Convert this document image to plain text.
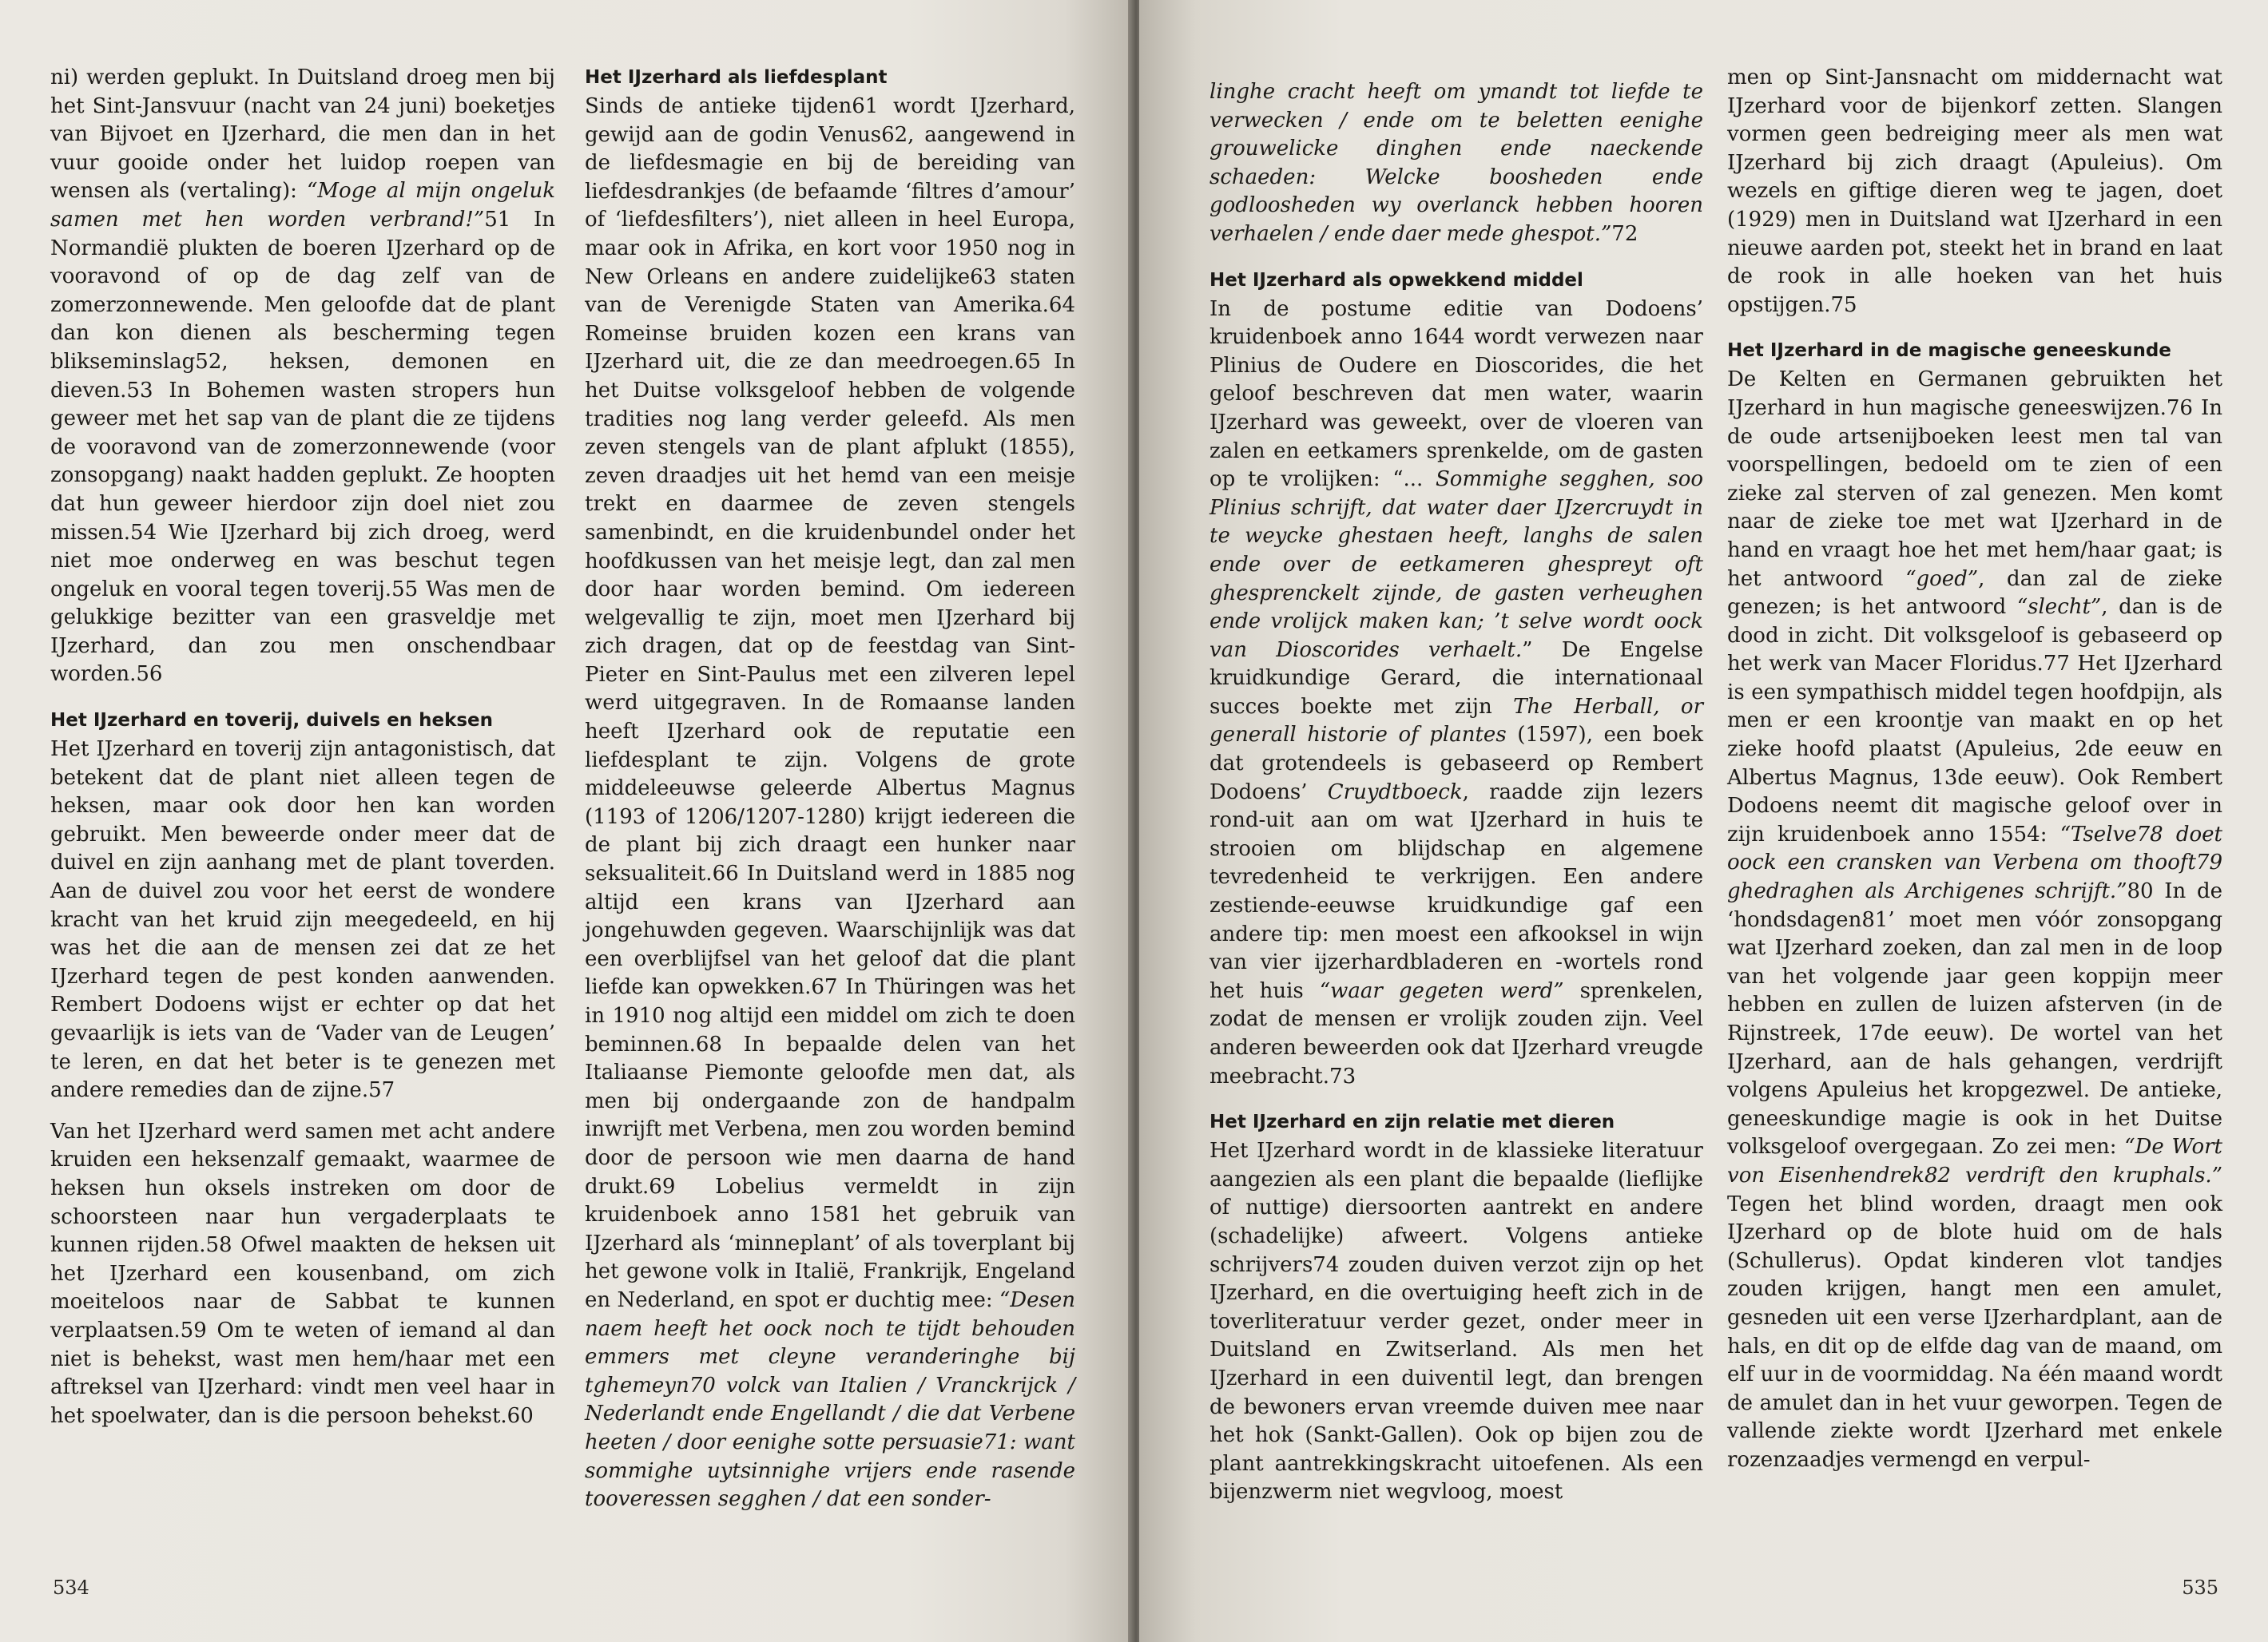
ni) werden geplukt. In Duitsland droeg men bij het Sint-Jansvuur (nacht van 24 juni) boeketjes van Bijvoet en IJzerhard, die men dan in het vuur gooide onder het luidop roepen van wensen als (vertaling): “Moge al mijn ongeluk samen met hen worden verbrand!”51 In Normandië plukten de boeren IJzerhard op de vooravond of op de dag zelf van de zomerzonnewende. Men geloofde dat de plant dan kon dienen als bescherming tegen blikseminslag52, heksen, demonen en dieven.53 In Bohemen wasten stropers hun geweer met het sap van de plant die ze tijdens de vooravond van de zomerzonnewende (voor zonsopgang) naakt hadden geplukt. Ze hoopten dat hun geweer hierdoor zijn doel niet zou missen.54 Wie IJzerhard bij zich droeg, werd niet moe onderweg en was beschut tegen ongeluk en vooral tegen toverij.55 Was men de gelukkige bezitter van een grasveldje met IJzerhard, dan zou men onschendbaar worden.56

Het IJzerhard en toverij, duivels en heksen

Het IJzerhard en toverij zijn antagonistisch, dat betekent dat de plant niet alleen tegen de heksen, maar ook door hen kan worden gebruikt. Men beweerde onder meer dat de duivel en zijn aanhang met de plant toverden. Aan de duivel zou voor het eerst de wondere kracht van het kruid zijn meegedeeld, en hij was het die aan de mensen zei dat ze het IJzerhard tegen de pest konden aanwenden. Rembert Dodoens wijst er echter op dat het gevaarlijk is iets van de ‘Vader van de Leugen’ te leren, en dat het beter is te genezen met andere remedies dan de zijne.57

Van het IJzerhard werd samen met acht andere kruiden een heksenzalf gemaakt, waarmee de heksen hun oksels instreken om door de schoorsteen naar hun vergaderplaats te kunnen rijden.58 Ofwel maakten de heksen uit het IJzerhard een kousenband, om zich moeiteloos naar de Sabbat te kunnen verplaatsen.59 Om te weten of iemand al dan niet is behekst, wast men hem/haar met een aftreksel van IJzerhard: vindt men veel haar in het spoelwater, dan is die persoon behekst.60

Het IJzerhard als liefdesplant

Sinds de antieke tijden61 wordt IJzerhard, gewijd aan de godin Venus62, aangewend in de liefdesmagie en bij de bereiding van liefdesdrankjes (de befaamde ‘filtres d’amour’ of ‘liefdesfilters’), niet alleen in heel Europa, maar ook in Afrika, en kort voor 1950 nog in New Orleans en andere zuidelijke63 staten van de Verenigde Staten van Amerika.64 Romeinse bruiden kozen een krans van IJzerhard uit, die ze dan meedroegen.65 In het Duitse volksgeloof hebben de volgende tradities nog lang verder geleefd. Als men zeven stengels van de plant afplukt (1855), zeven draadjes uit het hemd van een meisje trekt en daarmee de zeven stengels samenbindt, en die kruidenbundel onder het hoofdkussen van het meisje legt, dan zal men door haar worden bemind. Om iedereen welgevallig te zijn, moet men IJzerhard bij zich dragen, dat op de feestdag van Sint-Pieter en Sint-Paulus met een zilveren lepel werd uitgegraven. In de Romaanse landen heeft IJzerhard ook de reputatie een liefdesplant te zijn. Volgens de grote middeleeuwse geleerde Albertus Magnus (1193 of 1206/1207-1280) krijgt iedereen die de plant bij zich draagt een hunker naar seksualiteit.66 In Duitsland werd in 1885 nog altijd een krans van IJzerhard aan jongehuwden gegeven. Waarschijnlijk was dat een overblijfsel van het geloof dat die plant liefde kan opwekken.67 In Thüringen was het in 1910 nog altijd een middel om zich te doen beminnen.68 In bepaalde delen van het Italiaanse Piemonte geloofde men dat, als men bij ondergaande zon de handpalm inwrijft met Verbena, men zou worden bemind door de persoon wie men daarna de hand drukt.69 Lobelius vermeldt in zijn kruidenboek anno 1581 het gebruik van IJzerhard als ‘minneplant’ of als toverplant bij het gewone volk in Italië, Frankrijk, Engeland en Nederland, en spot er duchtig mee: “Desen naem heeft het oock noch te tijdt behouden emmers met cleyne veranderinghe bij tghemeyn70 volck van Italien / Vranckrijck / Nederlandt ende Engellandt / die dat Verbene heeten / door eenighe sotte persuasie71: want sommighe uytsinnighe vrijers ende rasende tooveressen segghen / dat een sonder-

534

linghe cracht heeft om ymandt tot liefde te verwecken / ende om te beletten eenighe grouwelicke dinghen ende naeckende schaeden: Welcke boosheden ende godloosheden wy overlanck hebben hooren verhaelen / ende daer mede ghespot.”72

Het IJzerhard als opwekkend middel

In de postume editie van Dodoens’ kruidenboek anno 1644 wordt verwezen naar Plinius de Oudere en Dioscorides, die het geloof beschreven dat men water, waarin IJzerhard was geweekt, over de vloeren van zalen en eetkamers sprenkelde, om de gasten op te vrolijken: “... Sommighe segghen, soo Plinius schrijft, dat water daer IJzercruydt in te weycke ghestaen heeft, langhs de salen ende over de eetkameren ghespreyt oft ghesprenckelt zijnde, de gasten verheughen ende vrolijck maken kan; ’t selve wordt oock van Dioscorides verhaelt.” De Engelse kruidkundige Gerard, die internationaal succes boekte met zijn The Herball, or generall historie of plantes (1597), een boek dat grotendeels is gebaseerd op Rembert Dodoens’ Cruydtboeck, raadde zijn lezers rond-uit aan om wat IJzerhard in huis te strooien om blijdschap en algemene tevredenheid te verkrijgen. Een andere zestiende-eeuwse kruidkundige gaf een andere tip: men moest een afkooksel in wijn van vier ijzerhardbladeren en -wortels rond het huis “waar gegeten werd” sprenkelen, zodat de mensen er vrolijk zouden zijn. Veel anderen beweerden ook dat IJzerhard vreugde meebracht.73

Het IJzerhard en zijn relatie met dieren

Het IJzerhard wordt in de klassieke literatuur aangezien als een plant die bepaalde (lieflijke of nuttige) diersoorten aantrekt en andere (schadelijke) afweert. Volgens antieke schrijvers74 zouden duiven verzot zijn op het IJzerhard, en die overtuiging heeft zich in de toverliteratuur verder gezet, onder meer in Duitsland en Zwitserland. Als men het IJzerhard in een duiventil legt, dan brengen de bewoners ervan vreemde duiven mee naar het hok (Sankt-Gallen). Ook op bijen zou de plant aantrekkingskracht uitoefenen. Als een bijenzwerm niet wegvloog, moest

men op Sint-Jansnacht om middernacht wat IJzerhard voor de bijenkorf zetten. Slangen vormen geen bedreiging meer als men wat IJzerhard bij zich draagt (Apuleius). Om wezels en giftige dieren weg te jagen, doet (1929) men in Duitsland wat IJzerhard in een nieuwe aarden pot, steekt het in brand en laat de rook in alle hoeken van het huis opstijgen.75

Het IJzerhard in de magische geneeskunde

De Kelten en Germanen gebruikten het IJzerhard in hun magische geneeswijzen.76 In de oude artsenijboeken leest men tal van voorspellingen, bedoeld om te zien of een zieke zal sterven of zal genezen. Men komt naar de zieke toe met wat IJzerhard in de hand en vraagt hoe het met hem/haar gaat; is het antwoord “goed”, dan zal de zieke genezen; is het antwoord “slecht”, dan is de dood in zicht. Dit volksgeloof is gebaseerd op het werk van Macer Floridus.77 Het IJzerhard is een sympathisch middel tegen hoofdpijn, als men er een kroontje van maakt en op het zieke hoofd plaatst (Apuleius, 2de eeuw en Albertus Magnus, 13de eeuw). Ook Rembert Dodoens neemt dit magische geloof over in zijn kruidenboek anno 1554: “Tselve78 doet oock een cransken van Verbena om thooft79 ghedraghen als Archigenes schrijft.”80 In de ‘hondsdagen81’ moet men vóór zonsopgang wat IJzerhard zoeken, dan zal men in de loop van het volgende jaar geen koppijn meer hebben en zullen de luizen afsterven (in de Rijnstreek, 17de eeuw). De wortel van het IJzerhard, aan de hals gehangen, verdrijft volgens Apuleius het kropgezwel. De antieke, geneeskundige magie is ook in het Duitse volksgeloof overgegaan. Zo zei men: “De Wort von Eisenhendrek82 verdrift den kruphals.” Tegen het blind worden, draagt men ook IJzerhard op de blote huid om de hals (Schullerus). Opdat kinderen vlot tandjes zouden krijgen, hangt men een amulet, gesneden uit een verse IJzerhardplant, aan de hals, en dit op de elfde dag van de maand, om elf uur in de voormiddag. Na één maand wordt de amulet dan in het vuur geworpen. Tegen de vallende ziekte wordt IJzerhard met enkele rozenzaadjes vermengd en verpul-

535
